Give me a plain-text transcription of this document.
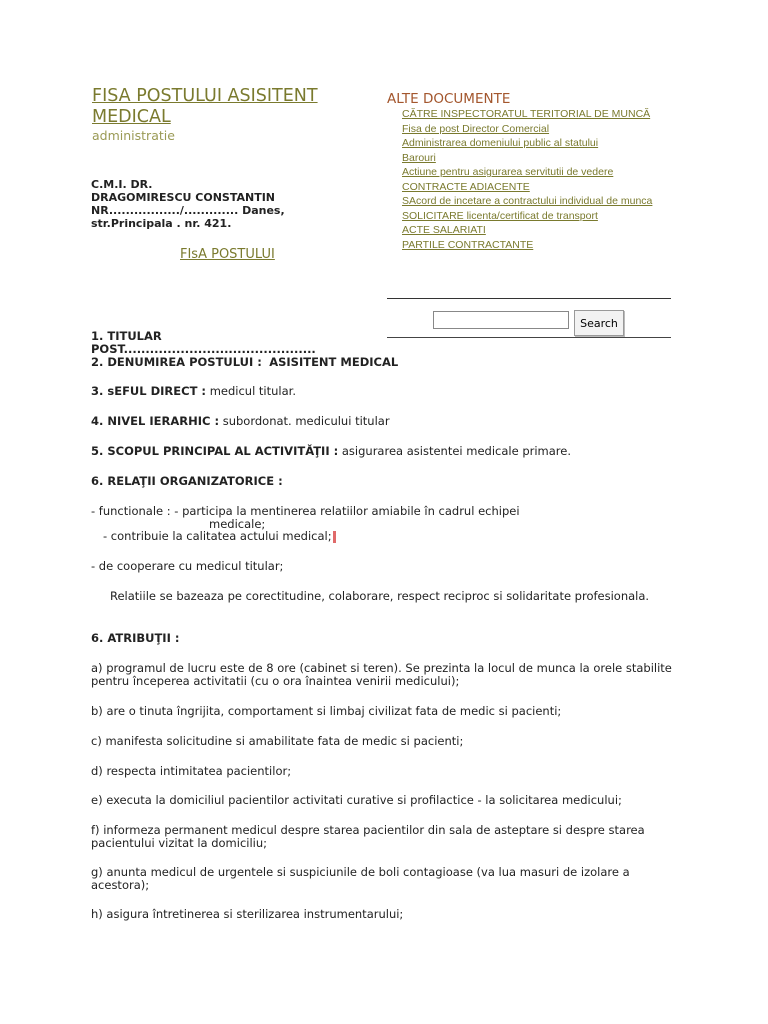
FISA POSTULUI ASISITENT MEDICAL
administratie
C.M.I. DR.
DRAGOMIRESCU CONSTANTIN
NR................./............. Danes,
str.Principala . nr. 421.
FIsA POSTULUI
ALTE DOCUMENTE
CĂTRE INSPECTORATUL TERITORIAL DE MUNCĂ
Fisa de post Director Comercial
Administrarea domeniului public al statului
Barouri
Actiune pentru asigurarea servitutii de vedere
CONTRACTE ADIACENTE
SAcord de incetare a contractului individual de munca
SOLICITARE licenta/certificat de transport
ACTE SALARIATI
PARTILE CONTRACTANTE
Search
1. TITULAR
POST............................................
2. DENUMIREA POSTULUI : ASISITENT MEDICAL
3. sEFUL DIRECT : medicul titular.
4. NIVEL IERARHIC : subordonat. medicului titular
5. SCOPUL PRINCIPAL AL ACTIVITĂŢII : asigurarea asistentei medicale primare.
6. RELAŢII ORGANIZATORICE :
- functionale : - participa la mentinerea relatiilor amiabile în cadrul echipei
medicale;
- contribuie la calitatea actului medical;
- de cooperare cu medicul titular;
Relatiile se bazeaza pe corectitudine, colaborare, respect reciproc si solidaritate profesionala.
6. ATRIBUŢII :
a) programul de lucru este de 8 ore (cabinet si teren). Se prezinta la locul de munca la orele stabilite pentru începerea activitatii (cu o ora înaintea venirii medicului);
b) are o tinuta îngrijita, comportament si limbaj civilizat fata de medic si pacienti;
c) manifesta solicitudine si amabilitate fata de medic si pacienti;
d) respecta intimitatea pacientilor;
e) executa la domiciliul pacientilor activitati curative si profilactice - la solicitarea medicului;
f) informeza permanent medicul despre starea pacientilor din sala de asteptare si despre starea pacientului vizitat la domiciliu;
g) anunta medicul de urgentele si suspiciunile de boli contagioase (va lua masuri de izolare a acestora);
h) asigura întretinerea si sterilizarea instrumentarului;
